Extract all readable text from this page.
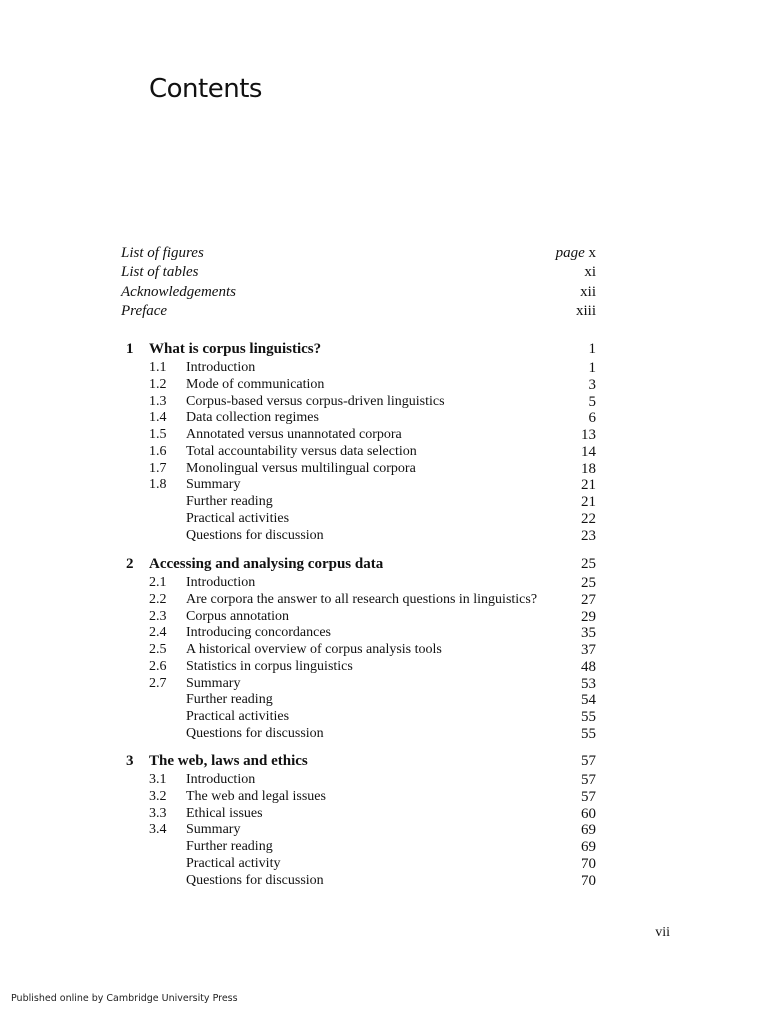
Contents
List of figures	page x
List of tables	xi
Acknowledgements	xii
Preface	xiii
1 What is corpus linguistics?	1
1.1 Introduction	1
1.2 Mode of communication	3
1.3 Corpus-based versus corpus-driven linguistics	5
1.4 Data collection regimes	6
1.5 Annotated versus unannotated corpora	13
1.6 Total accountability versus data selection	14
1.7 Monolingual versus multilingual corpora	18
1.8 Summary	21
Further reading	21
Practical activities	22
Questions for discussion	23
2 Accessing and analysing corpus data	25
2.1 Introduction	25
2.2 Are corpora the answer to all research questions in linguistics?	27
2.3 Corpus annotation	29
2.4 Introducing concordances	35
2.5 A historical overview of corpus analysis tools	37
2.6 Statistics in corpus linguistics	48
2.7 Summary	53
Further reading	54
Practical activities	55
Questions for discussion	55
3 The web, laws and ethics	57
3.1 Introduction	57
3.2 The web and legal issues	57
3.3 Ethical issues	60
3.4 Summary	69
Further reading	69
Practical activity	70
Questions for discussion	70
vii
Published online by Cambridge University Press
